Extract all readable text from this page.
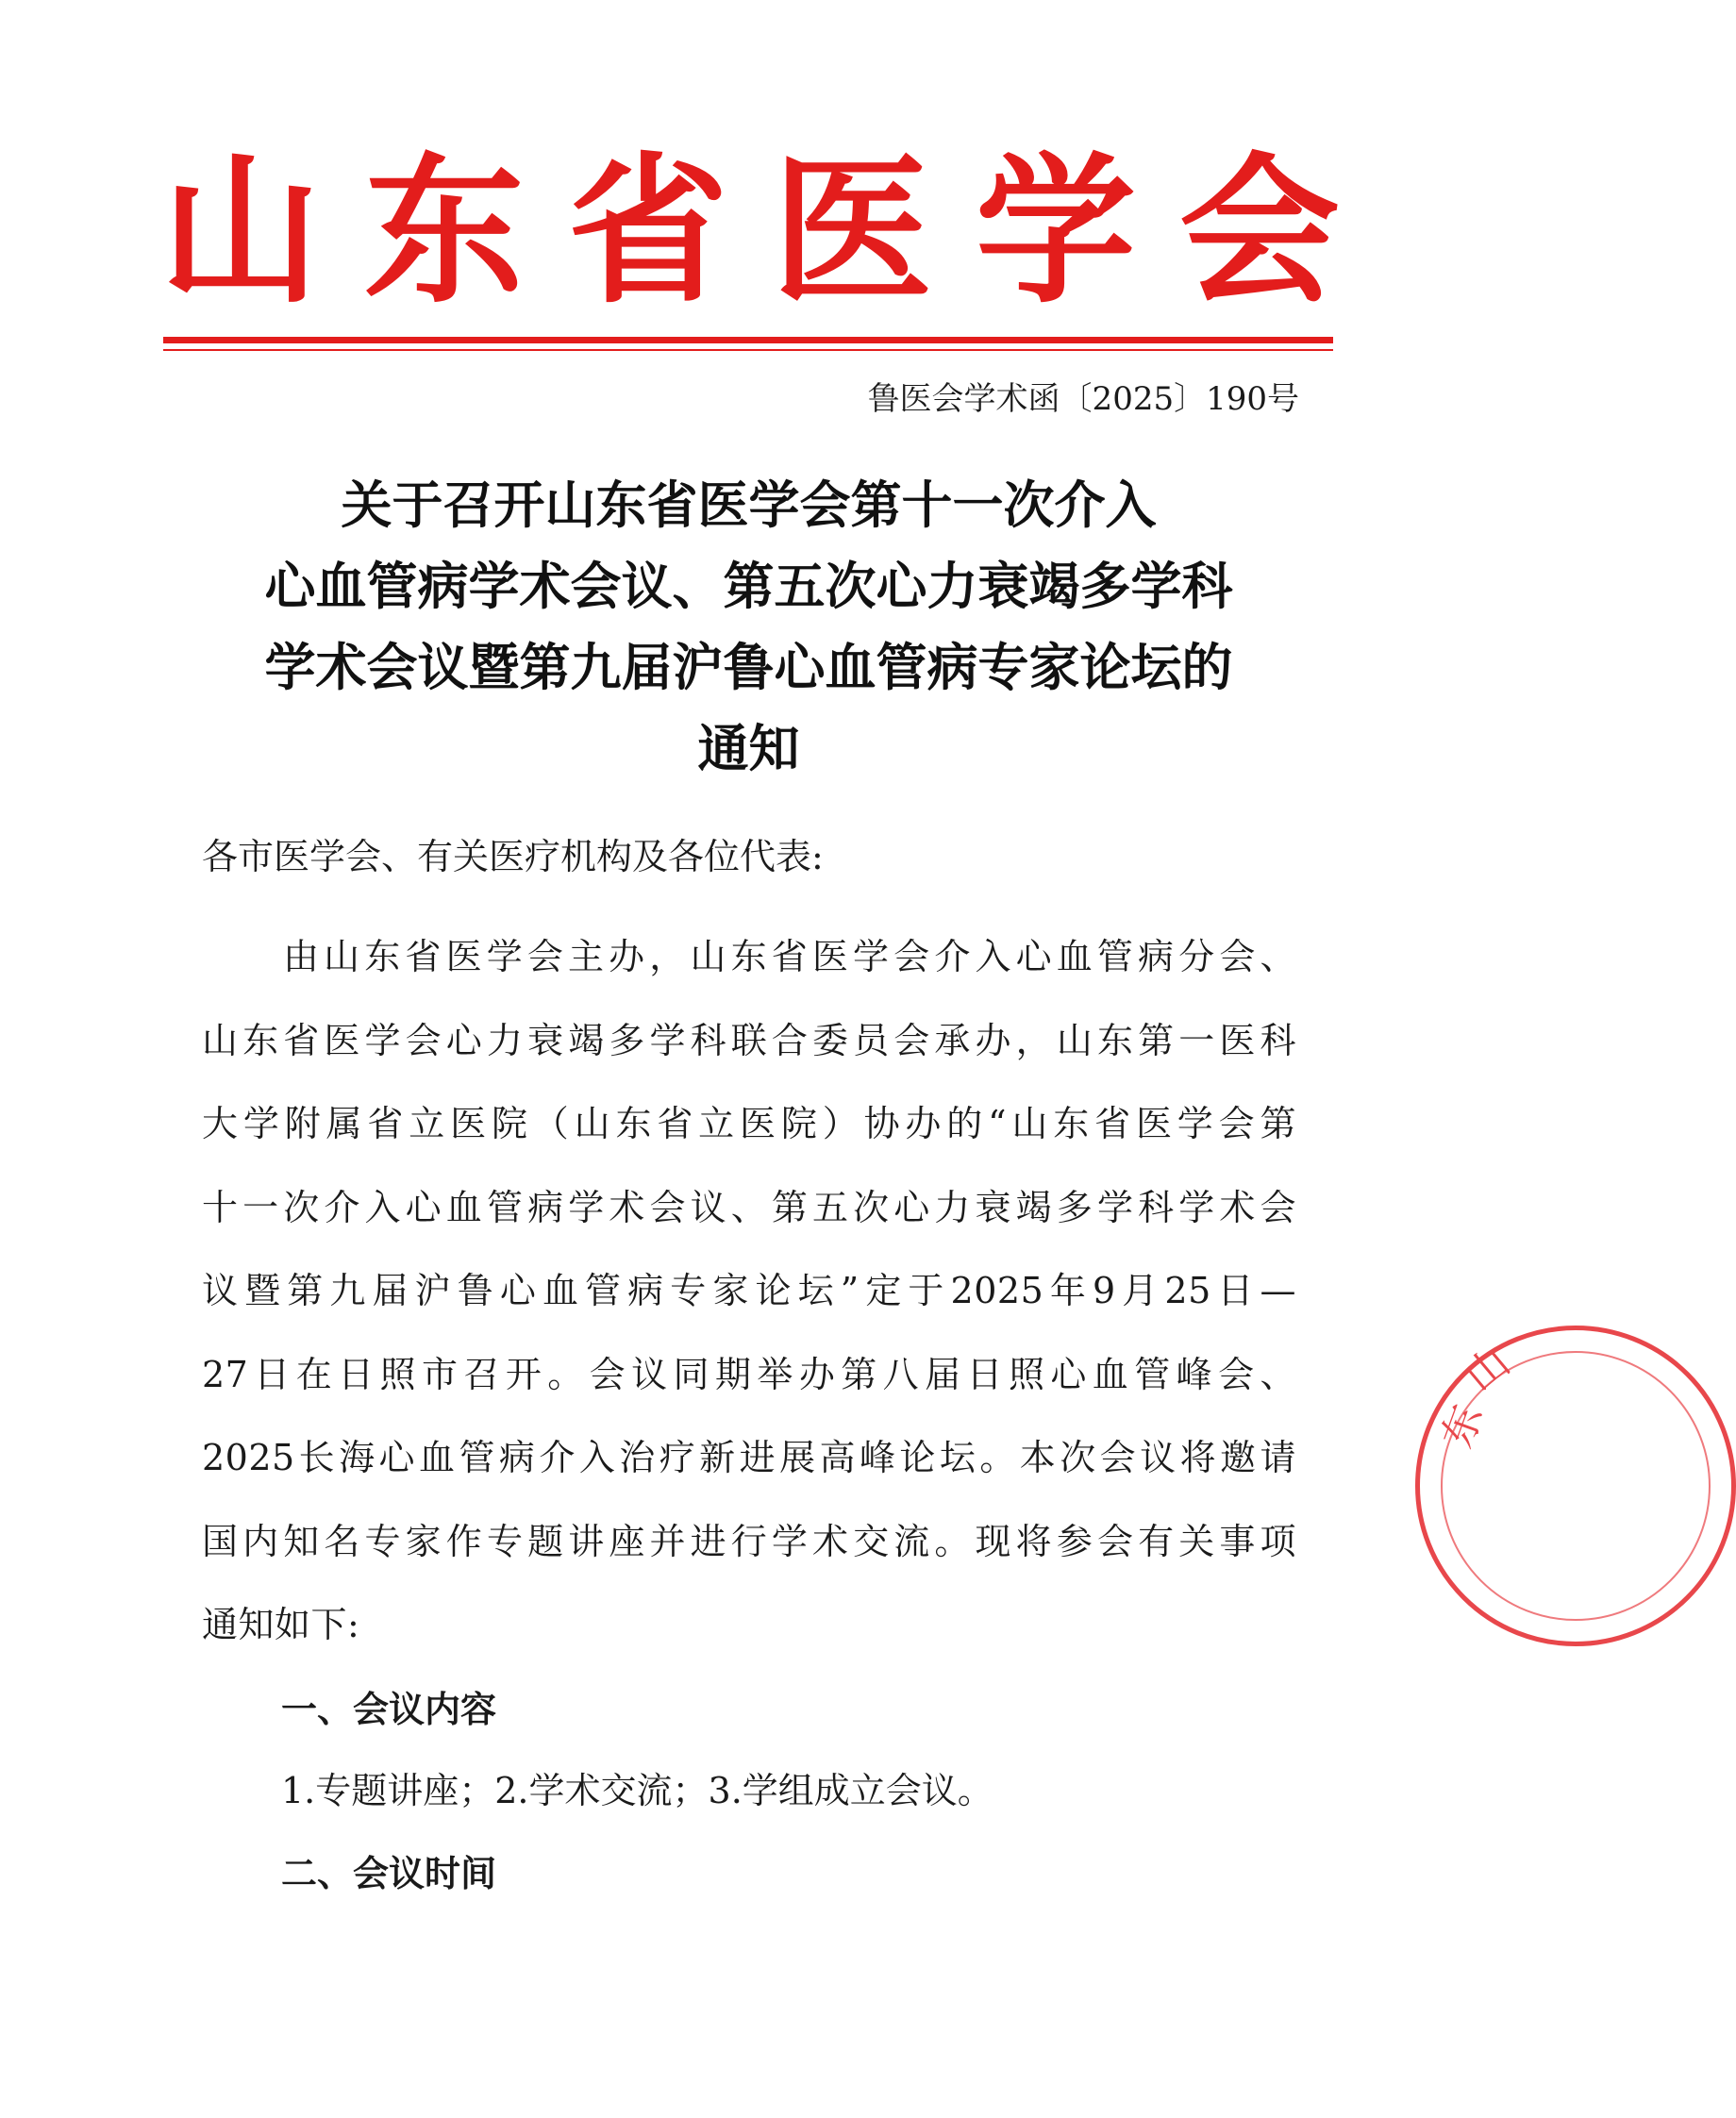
山 东 省 医 学 会
鲁医会学术函〔2025〕190号
关于召开山东省医学会第十一次介入
心血管病学术会议、第五次心力衰竭多学科
学术会议暨第九届沪鲁心血管病专家论坛的
通知
各市医学会、有关医疗机构及各位代表:
由山东省医学会主办，山东省医学会介入心血管病分会、
山东省医学会心力衰竭多学科联合委员会承办，山东第一医科
大学附属省立医院（山东省立医院）协办的“山东省医学会第
十一次介入心血管病学术会议、第五次心力衰竭多学科学术会
议暨第九届沪鲁心血管病专家论坛”定于2025年9月25日—
27日在日照市召开。会议同期举办第八届日照心血管峰会、
2025长海心血管病介入治疗新进展高峰论坛。本次会议将邀请
国内知名专家作专题讲座并进行学术交流。现将参会有关事项
通知如下:
一、会议内容
1.专题讲座；2.学术交流；3.学组成立会议。
二、会议时间
东
山
